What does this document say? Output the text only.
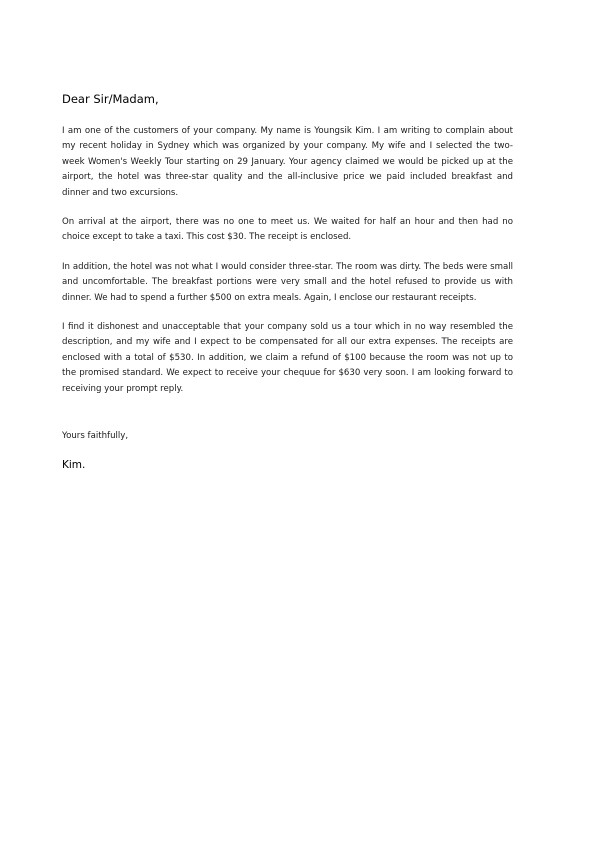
Dear Sir/Madam,

I am one of the customers of your company. My name is Youngsik Kim. I am writing to complain about my recent holiday in Sydney which was organized by your company. My wife and I selected the two-week Women's Weekly Tour starting on 29 January. Your agency claimed we would be picked up at the airport, the hotel was three-star quality and the all-inclusive price we paid included breakfast and dinner and two excursions.

On arrival at the airport, there was no one to meet us. We waited for half an hour and then had no choice except to take a taxi. This cost $30. The receipt is enclosed.

In addition, the hotel was not what I would consider three-star. The room was dirty. The beds were small and uncomfortable. The breakfast portions were very small and the hotel refused to provide us with dinner. We had to spend a further $500 on extra meals. Again, I enclose our restaurant receipts.

I find it dishonest and unacceptable that your company sold us a tour which in no way resembled the description, and my wife and I expect to be compensated for all our extra expenses. The receipts are enclosed with a total of $530. In addition, we claim a refund of $100 because the room was not up to the promised standard. We expect to receive your chequue for $630 very soon. I am looking forward to receiving your prompt reply.

Yours faithfully,

Kim.
